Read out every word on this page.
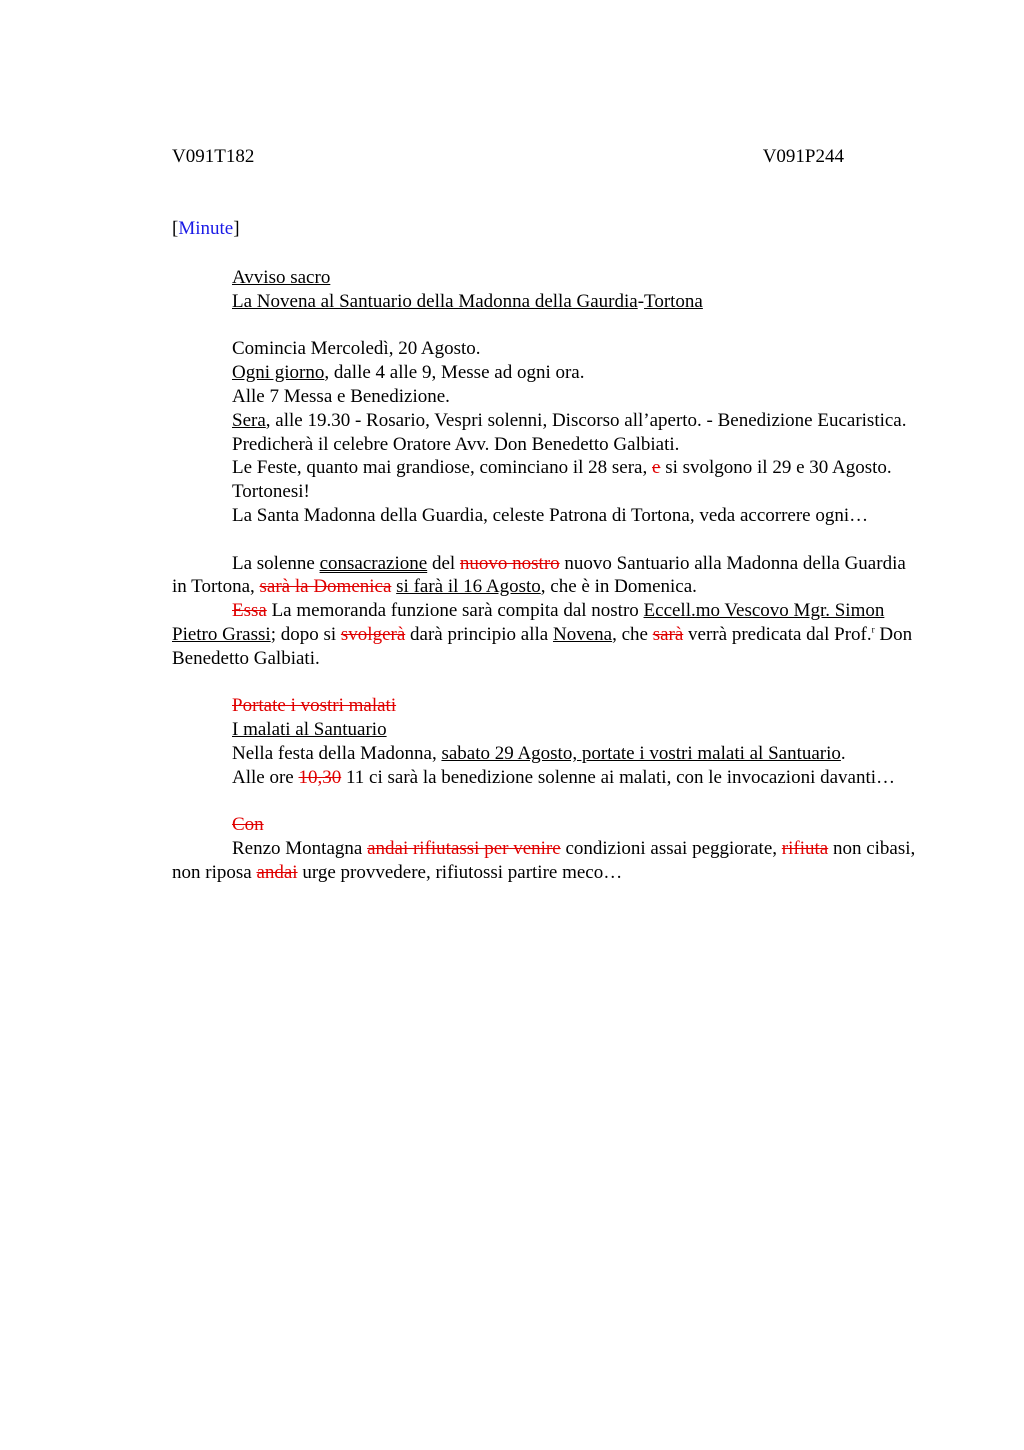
V091T182	V091P244
[Minute]

Avviso sacro

La Novena al Santuario della Madonna della Gaurdia-Tortona

Comincia Mercoledì, 20 Agosto.

Ogni giorno, dalle 4 alle 9, Messe ad ogni ora.

Alle 7 Messa e Benedizione.

Sera, alle 19.30 - Rosario, Vespri solenni, Discorso all’aperto. - Benedizione Eucaristica.

Predicherà il celebre Oratore Avv. Don Benedetto Galbiati.

Le Feste, quanto mai grandiose, cominciano il 28 sera, e si svolgono il 29 e 30 Agosto.

Tortonesi!

La Santa Madonna della Guardia, celeste Patrona di Tortona, veda accorrere ogni…

La solenne consacrazione del nuovo nostro nuovo Santuario alla Madonna della Guardia in Tortona, sarà la Domenica si farà il 16 Agosto, che è in Domenica.

Essa La memoranda funzione sarà compita dal nostro Eccell.mo Vescovo Mgr. Simon Pietro Grassi; dopo si svolgerà darà principio alla Novena, che sarà verrà predicata dal Prof.$^r$ Don Benedetto Galbiati.

Portate i vostri malati

I malati al Santuario

Nella festa della Madonna, sabato 29 Agosto, portate i vostri malati al Santuario.

Alle ore 10,30 11 ci sarà la benedizione solenne ai malati, con le invocazioni davanti…

Con

Renzo Montagna andai rifiutassi per venire condizioni assai peggiorate, rifiuta non cibasi, non riposa andai urge provvedere, rifiutossi partire meco…
